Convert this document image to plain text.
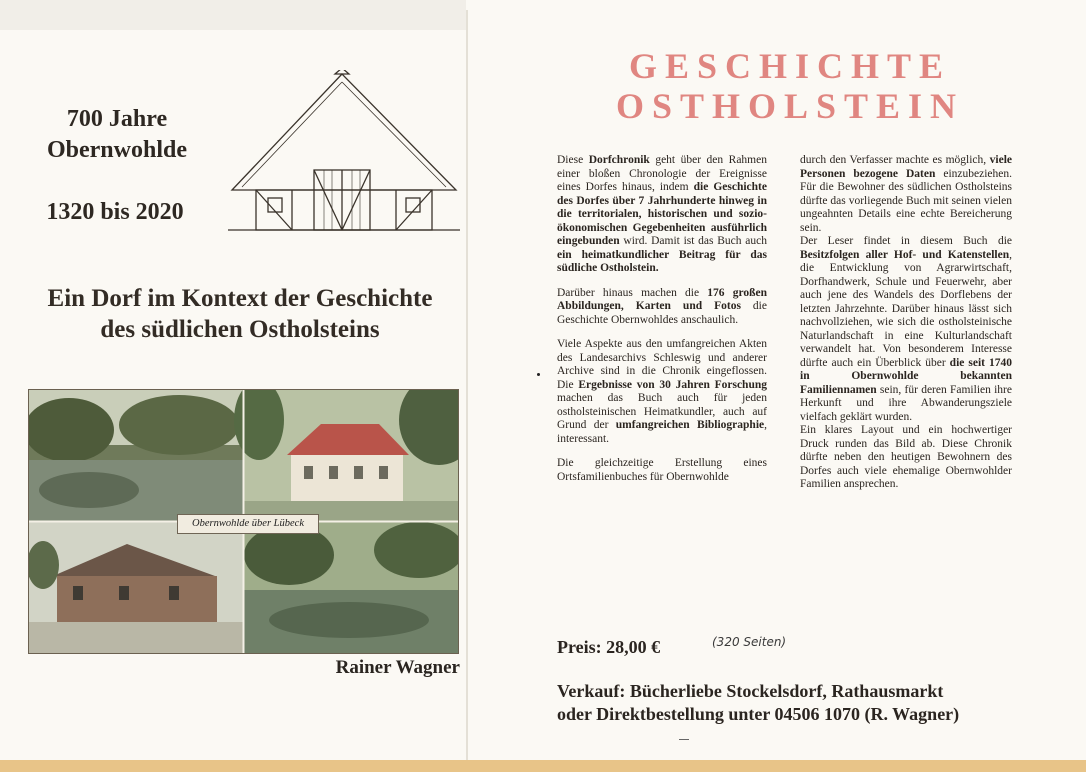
700 Jahre
Obernwohlde
1320 bis 2020
Ein Dorf im Kontext der Geschichte
des südlichen Ostholsteins
Obernwohlde über Lübeck
Rainer Wagner
GESCHICHTE
OSTHOLSTEIN

Diese Dorfchronik geht über den Rahmen einer bloßen Chronologie der Ereignisse eines Dorfes hinaus, indem die Geschichte des Dorfes über 7 Jahrhunderte hinweg in die territorialen, historischen und sozio-ökonomischen Gegebenheiten ausführlich eingebunden wird. Damit ist das Buch auch ein heimatkundlicher Beitrag für das südliche Ostholstein.

Darüber hinaus machen die 176 großen Abbildungen, Karten und Fotos die Geschichte Obernwohldes anschaulich.

Viele Aspekte aus den umfangreichen Akten des Landesarchivs Schleswig und anderer Archive sind in die Chronik eingeflossen. Die Ergebnisse von 30 Jahren Forschung machen das Buch auch für jeden ostholsteinischen Heimatkundler, auch auf Grund der umfangreichen Bibliographie, interessant.

Die gleichzeitige Erstellung eines Ortsfamilienbuches für Obernwohlde

durch den Verfasser machte es möglich, viele Personen bezogene Daten einzubeziehen. Für die Bewohner des südlichen Ostholsteins dürfte das vorliegende Buch mit seinen vielen ungeahnten Details eine echte Bereicherung sein.

Der Leser findet in diesem Buch die Besitzfolgen aller Hof- und Katenstellen, die Entwicklung von Agrarwirtschaft, Dorfhandwerk, Schule und Feuerwehr, aber auch jene des Wandels des Dorflebens der letzten Jahrzehnte. Darüber hinaus lässt sich nachvollziehen, wie sich die ostholsteinische Naturlandschaft in eine Kulturlandschaft verwandelt hat. Von besonderem Interesse dürfte auch ein Überblick über die seit 1740 in Obernwohlde bekannten Familiennamen sein, für deren Familien ihre Herkunft und ihre Abwanderungsziele vielfach geklärt wurden.

Ein klares Layout und ein hochwertiger Druck runden das Bild ab. Diese Chronik dürfte neben den heutigen Bewohnern des Dorfes auch viele ehemalige Obernwohlder Familien ansprechen.

Preis: 28,00 €	(320 Seiten)
Verkauf: Bücherliebe Stockelsdorf, Rathausmarkt
oder Direktbestellung unter 04506 1070 (R. Wagner)
